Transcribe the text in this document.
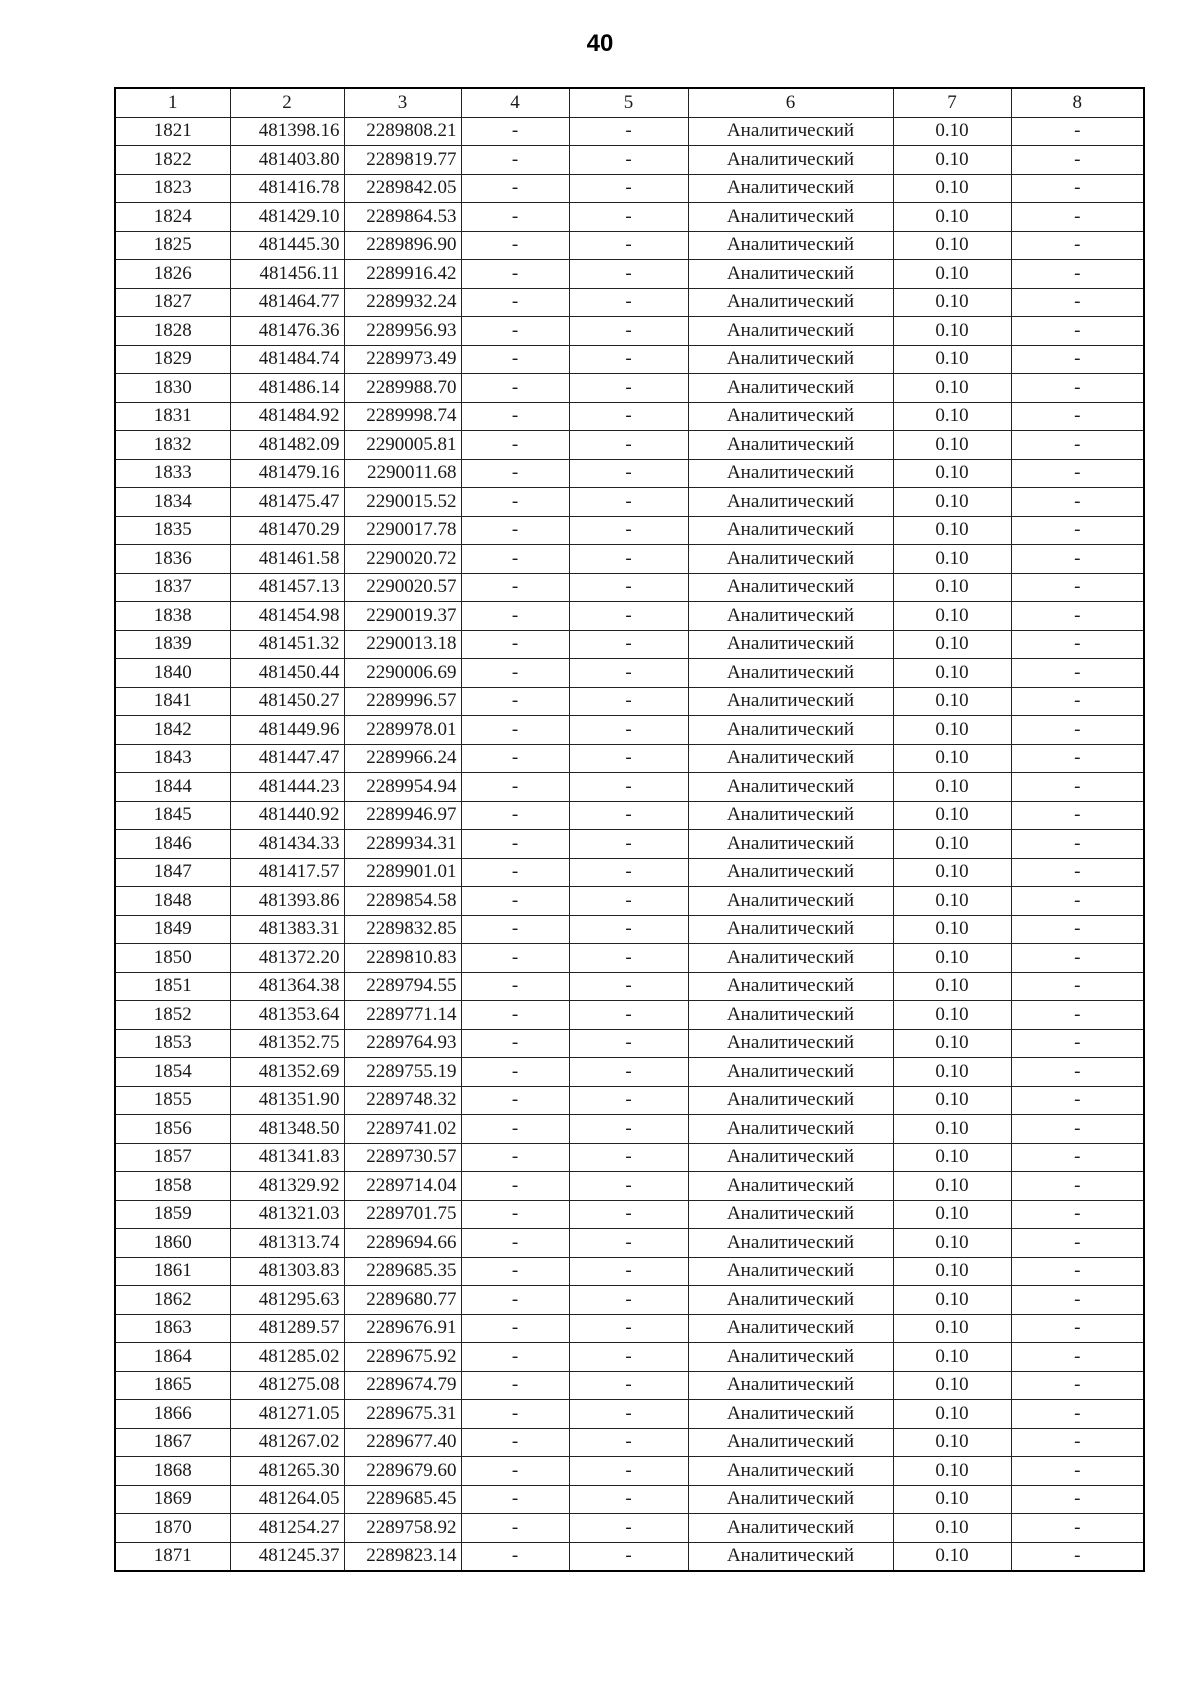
40
1	2	3	4	5	6	7	8
1821	481398.16	2289808.21	-	-	Аналитический	0.10	-
1822	481403.80	2289819.77	-	-	Аналитический	0.10	-
1823	481416.78	2289842.05	-	-	Аналитический	0.10	-
1824	481429.10	2289864.53	-	-	Аналитический	0.10	-
1825	481445.30	2289896.90	-	-	Аналитический	0.10	-
1826	481456.11	2289916.42	-	-	Аналитический	0.10	-
1827	481464.77	2289932.24	-	-	Аналитический	0.10	-
1828	481476.36	2289956.93	-	-	Аналитический	0.10	-
1829	481484.74	2289973.49	-	-	Аналитический	0.10	-
1830	481486.14	2289988.70	-	-	Аналитический	0.10	-
1831	481484.92	2289998.74	-	-	Аналитический	0.10	-
1832	481482.09	2290005.81	-	-	Аналитический	0.10	-
1833	481479.16	2290011.68	-	-	Аналитический	0.10	-
1834	481475.47	2290015.52	-	-	Аналитический	0.10	-
1835	481470.29	2290017.78	-	-	Аналитический	0.10	-
1836	481461.58	2290020.72	-	-	Аналитический	0.10	-
1837	481457.13	2290020.57	-	-	Аналитический	0.10	-
1838	481454.98	2290019.37	-	-	Аналитический	0.10	-
1839	481451.32	2290013.18	-	-	Аналитический	0.10	-
1840	481450.44	2290006.69	-	-	Аналитический	0.10	-
1841	481450.27	2289996.57	-	-	Аналитический	0.10	-
1842	481449.96	2289978.01	-	-	Аналитический	0.10	-
1843	481447.47	2289966.24	-	-	Аналитический	0.10	-
1844	481444.23	2289954.94	-	-	Аналитический	0.10	-
1845	481440.92	2289946.97	-	-	Аналитический	0.10	-
1846	481434.33	2289934.31	-	-	Аналитический	0.10	-
1847	481417.57	2289901.01	-	-	Аналитический	0.10	-
1848	481393.86	2289854.58	-	-	Аналитический	0.10	-
1849	481383.31	2289832.85	-	-	Аналитический	0.10	-
1850	481372.20	2289810.83	-	-	Аналитический	0.10	-
1851	481364.38	2289794.55	-	-	Аналитический	0.10	-
1852	481353.64	2289771.14	-	-	Аналитический	0.10	-
1853	481352.75	2289764.93	-	-	Аналитический	0.10	-
1854	481352.69	2289755.19	-	-	Аналитический	0.10	-
1855	481351.90	2289748.32	-	-	Аналитический	0.10	-
1856	481348.50	2289741.02	-	-	Аналитический	0.10	-
1857	481341.83	2289730.57	-	-	Аналитический	0.10	-
1858	481329.92	2289714.04	-	-	Аналитический	0.10	-
1859	481321.03	2289701.75	-	-	Аналитический	0.10	-
1860	481313.74	2289694.66	-	-	Аналитический	0.10	-
1861	481303.83	2289685.35	-	-	Аналитический	0.10	-
1862	481295.63	2289680.77	-	-	Аналитический	0.10	-
1863	481289.57	2289676.91	-	-	Аналитический	0.10	-
1864	481285.02	2289675.92	-	-	Аналитический	0.10	-
1865	481275.08	2289674.79	-	-	Аналитический	0.10	-
1866	481271.05	2289675.31	-	-	Аналитический	0.10	-
1867	481267.02	2289677.40	-	-	Аналитический	0.10	-
1868	481265.30	2289679.60	-	-	Аналитический	0.10	-
1869	481264.05	2289685.45	-	-	Аналитический	0.10	-
1870	481254.27	2289758.92	-	-	Аналитический	0.10	-
1871	481245.37	2289823.14	-	-	Аналитический	0.10	-
